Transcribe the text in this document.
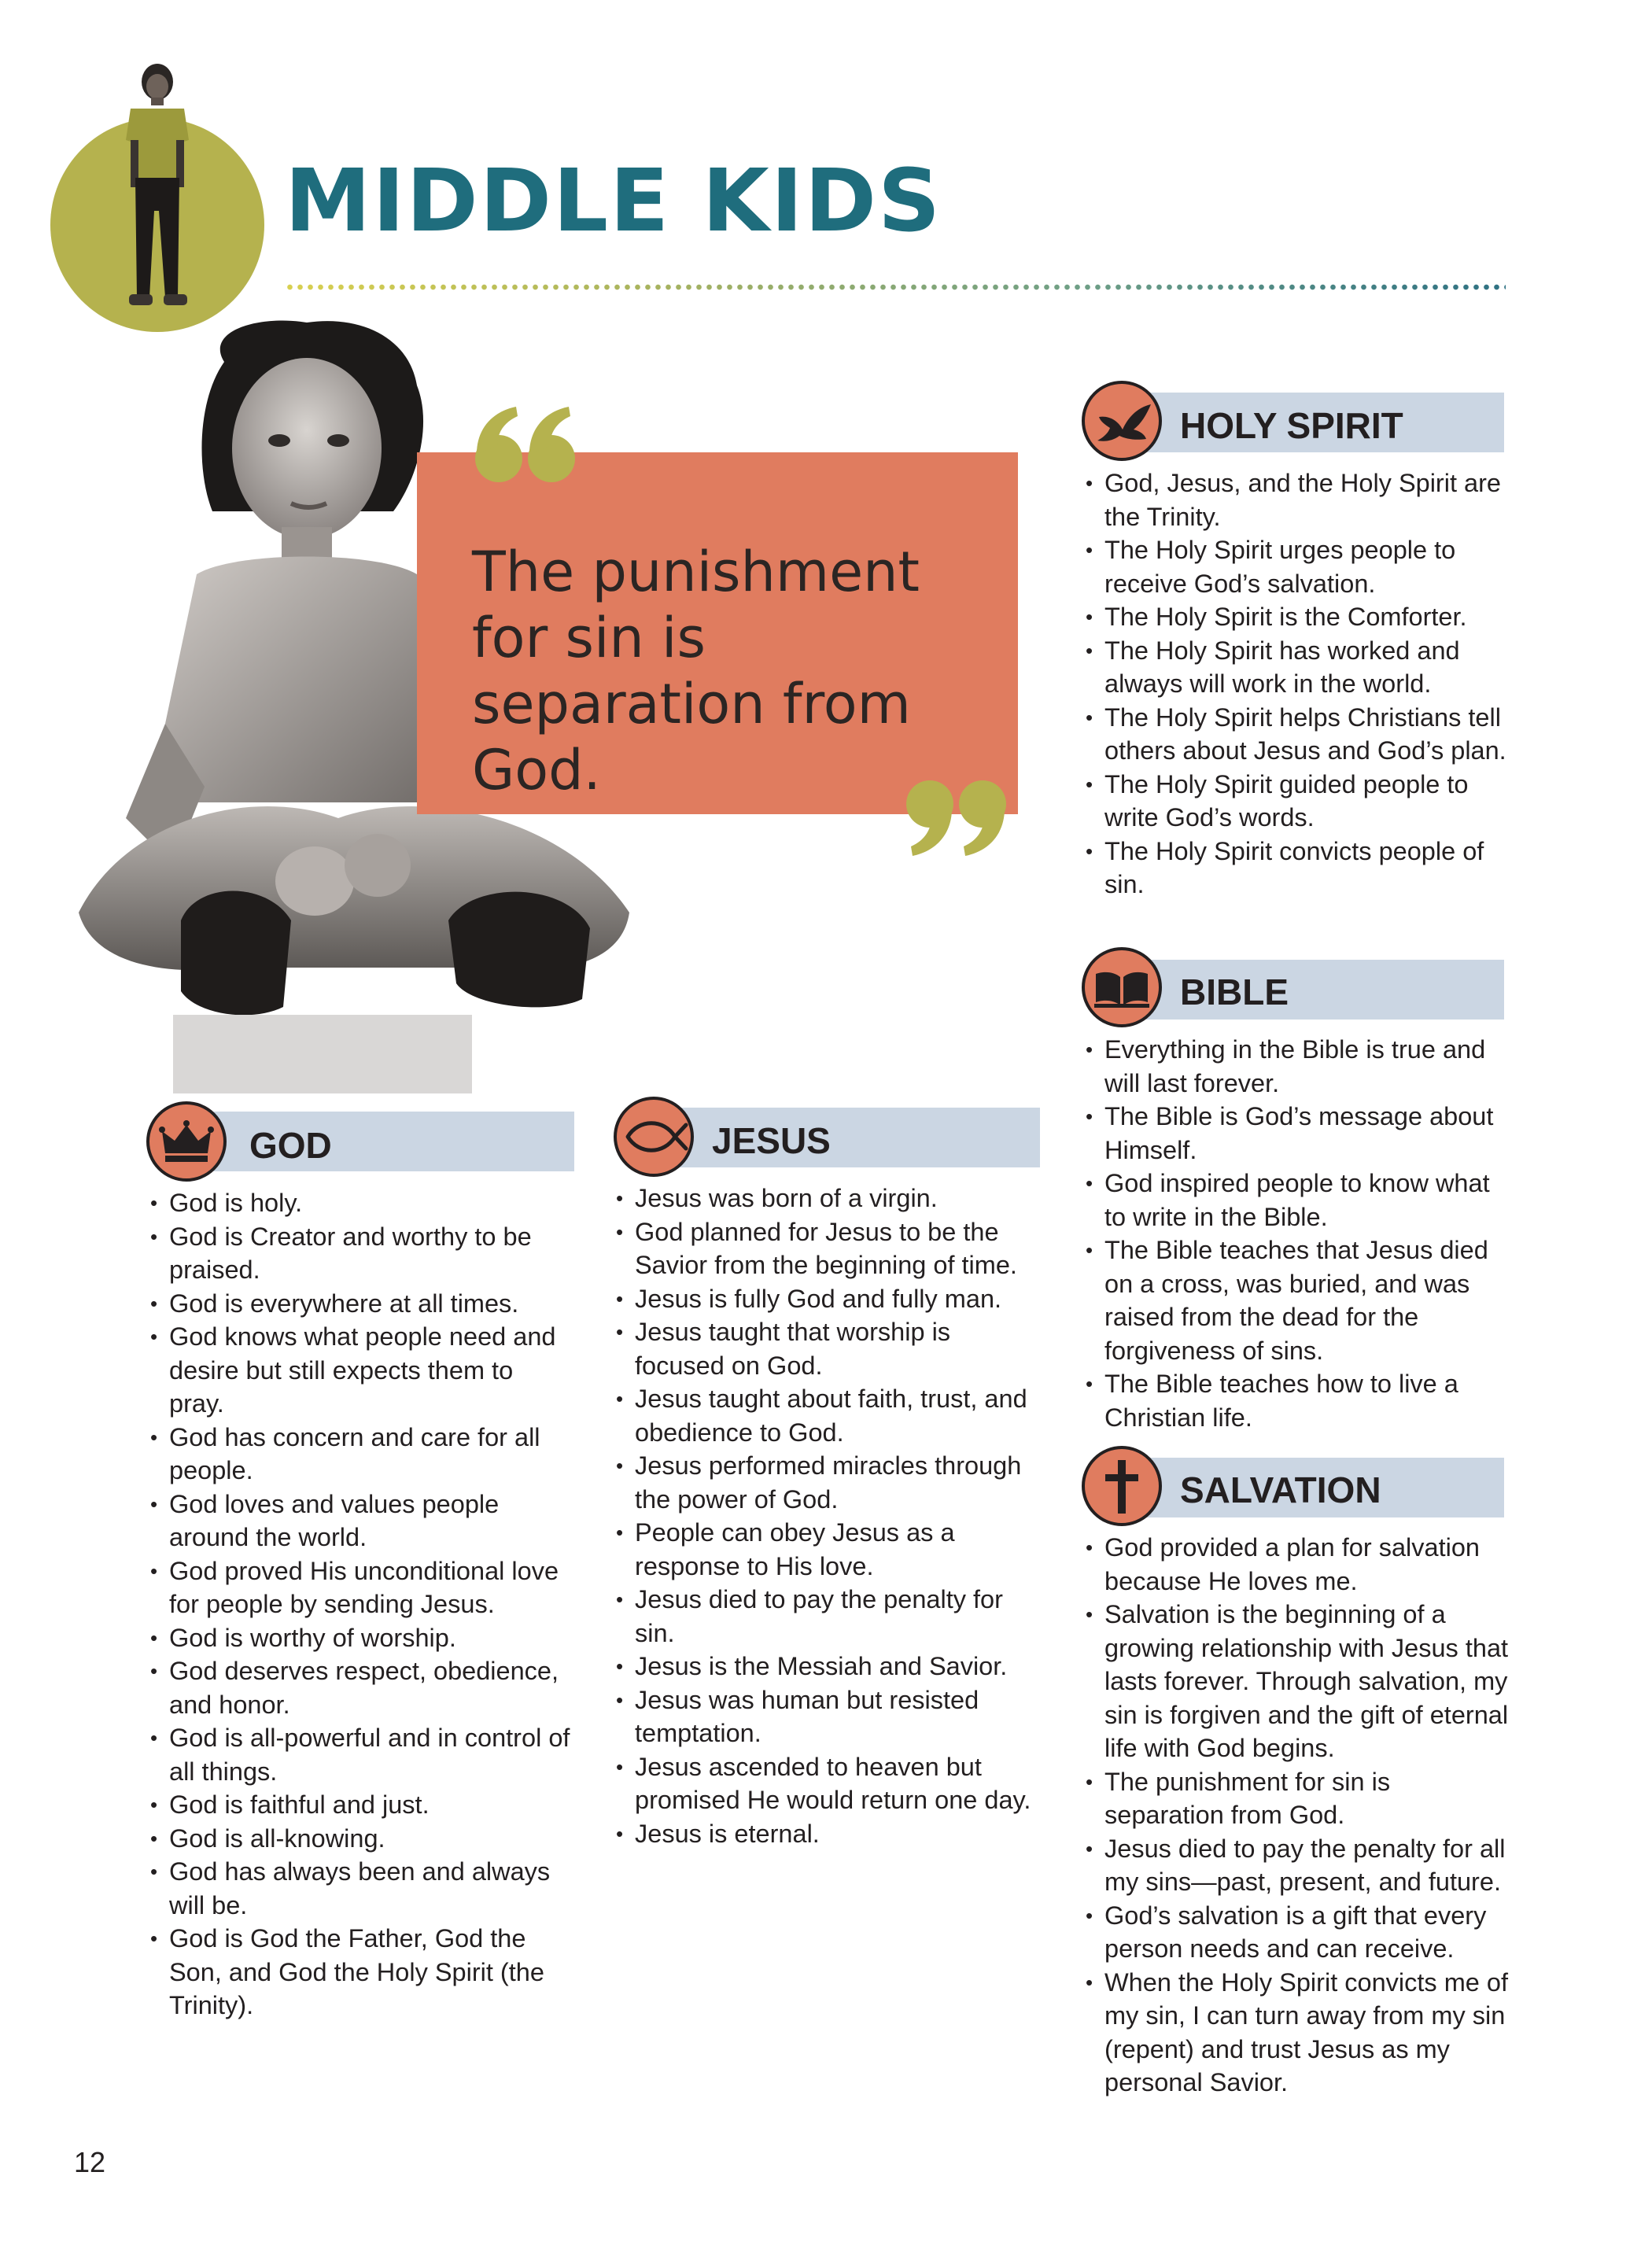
MIDDLE KIDS

The punishment for sin is separation from God.

GOD
• God is holy.
• God is Creator and worthy to be praised.
• God is everywhere at all times.
• God knows what people need and desire but still expects them to pray.
• God has concern and care for all people.
• God loves and values people around the world.
• God proved His unconditional love for people by sending Jesus.
• God is worthy of worship.
• God deserves respect, obedience, and honor.
• God is all-powerful and in control of all things.
• God is faithful and just.
• God is all-knowing.
• God has always been and always will be.
• God is God the Father, God the Son, and God the Holy Spirit (the Trinity).
JESUS
• Jesus was born of a virgin.
• God planned for Jesus to be the Savior from the beginning of time.
• Jesus is fully God and fully man.
• Jesus taught that worship is focused on God.
• Jesus taught about faith, trust, and obedience to God.
• Jesus performed miracles through the power of God.
• People can obey Jesus as a response to His love.
• Jesus died to pay the penalty for sin.
• Jesus is the Messiah and Savior.
• Jesus was human but resisted temptation.
• Jesus ascended to heaven but promised He would return one day.
• Jesus is eternal.
HOLY SPIRIT
• God, Jesus, and the Holy Spirit are the Trinity.
• The Holy Spirit urges people to receive God’s salvation.
• The Holy Spirit is the Comforter.
• The Holy Spirit has worked and always will work in the world.
• The Holy Spirit helps Christians tell others about Jesus and God’s plan.
• The Holy Spirit guided people to write God’s words.
• The Holy Spirit convicts people of sin.
BIBLE
• Everything in the Bible is true and will last forever.
• The Bible is God’s message about Himself.
• God inspired people to know what to write in the Bible.
• The Bible teaches that Jesus died on a cross, was buried, and was raised from the dead for the forgiveness of sins.
• The Bible teaches how to live a Christian life.
SALVATION
• God provided a plan for salvation because He loves me.
• Salvation is the beginning of a growing relationship with Jesus that lasts forever. Through salvation, my sin is forgiven and the gift of eternal life with God begins.
• The punishment for sin is separation from God.
• Jesus died to pay the penalty for all my sins—past, present, and future.
• God’s salvation is a gift that every person needs and can receive.
• When the Holy Spirit convicts me of my sin, I can turn away from my sin (repent) and trust Jesus as my personal Savior.

12
